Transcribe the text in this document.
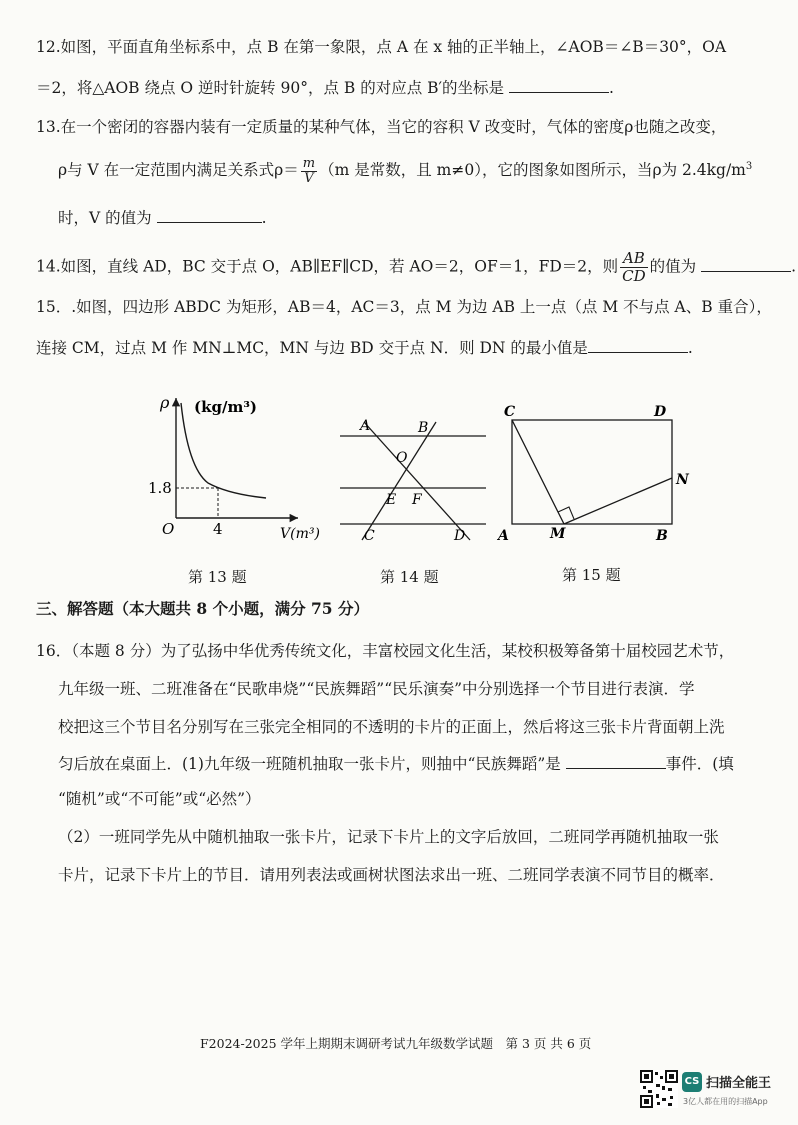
12.如图，平面直角坐标系中，点 B 在第一象限，点 A 在 x 轴的正半轴上，∠AOB＝∠B＝30°，OA
＝2，将△AOB 绕点 O 逆时针旋转 90°，点 B 的对应点 B′的坐标是	.
13.在一个密闭的容器内装有一定质量的某种气体，当它的容积 V 改变时，气体的密度ρ也随之改变，
ρ与 V 在一定范围内满足关系式$\rho= \frac{m}{V} (m$ 是常数，且 m≠0），它的图象如图所示，当ρ为 $2.4kg/m^3$
时，V 的值为	.
14.如图，直线 AD，BC 交于点 O，AB∥EF∥CD，若 AO＝2，OF＝1，FD＝2，则 $\frac{AB}{CD}$ 的值为	.
15．.如图，四边形 ABDC 为矩形，AB＝4，AC＝3，点 M 为边 AB 上一点（点 M 不与点 A、B 重合），
连接 CM，过点 M 作 MN⊥MC，MN 与边 BD 交于点 N．则 DN 的最小值是	.
ρ (kg/m³)
1.8
O	4	V(m³)
第 13 题
A	B
O
E F
C	D
第 14 题
C	D
N
A	M	B
第 15 题
三、解答题（本大题共 8 个小题，满分 75 分）
16．（本题 8 分）为了弘扬中华优秀传统文化，丰富校园文化生活，某校积极筹备第十届校园艺术节，
九年级一班、二班准备在“民歌串烧”“民族舞蹈”“民乐演奏”中分别选择一个节目进行表演．学
校把这三个节目名分别写在三张完全相同的不透明的卡片的正面上，然后将这三张卡片背面朝上洗
匀后放在桌面上．(1)九年级一班随机抽取一张卡片，则抽中“民族舞蹈”是	事件．(填
“随机”或“不可能”或“必然”）
（2）一班同学先从中随机抽取一张卡片，记录下卡片上的文字后放回，二班同学再随机抽取一张
卡片，记录下卡片上的节目．请用列表法或画树状图法求出一班、二班同学表演不同节目的概率．
F2024-2025 学年上期期末调研考试九年级数学试题　第 3 页 共 6 页
CS 扫描全能王
3亿人都在用的扫描App
